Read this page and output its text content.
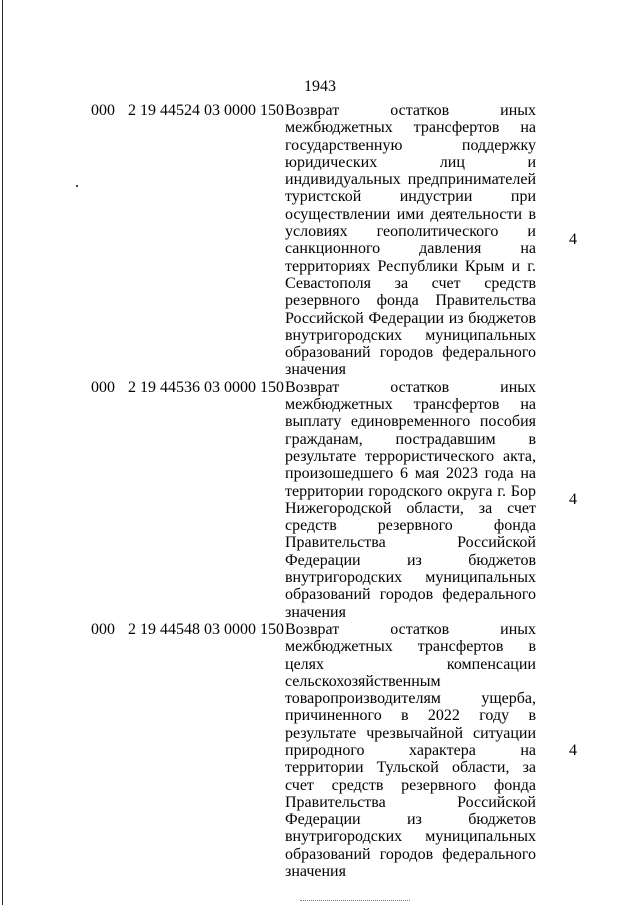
1943
000 2 19 44524 03 0000 150 Возврат остатков иных межбюджетных трансфертов на государственную поддержку юридических лиц и индивидуальных предпринимателей туристской индустрии при осуществлении ими деятельности в условиях геополитического и санкционного давления на территориях Республики Крым и г. Севастополя за счет средств резервного фонда Правительства Российской Федерации из бюджетов внутригородских муниципальных образований городов федерального значения
4
000 2 19 44536 03 0000 150 Возврат остатков иных межбюджетных трансфертов на выплату единовременного пособия гражданам, пострадавшим в результате террористического акта, произошедшего 6 мая 2023 года на территории городского округа г. Бор Нижегородской области, за счет средств резервного фонда Правительства Российской Федерации из бюджетов внутригородских муниципальных образований городов федерального значения
4
000 2 19 44548 03 0000 150 Возврат остатков иных межбюджетных трансфертов в целях компенсации сельскохозяйственным товаропроизводителям ущерба, причиненного в 2022 году в результате чрезвычайной ситуации природного характера на территории Тульской области, за счет средств резервного фонда Правительства Российской Федерации из бюджетов внутригородских муниципальных образований городов федерального значения
4
